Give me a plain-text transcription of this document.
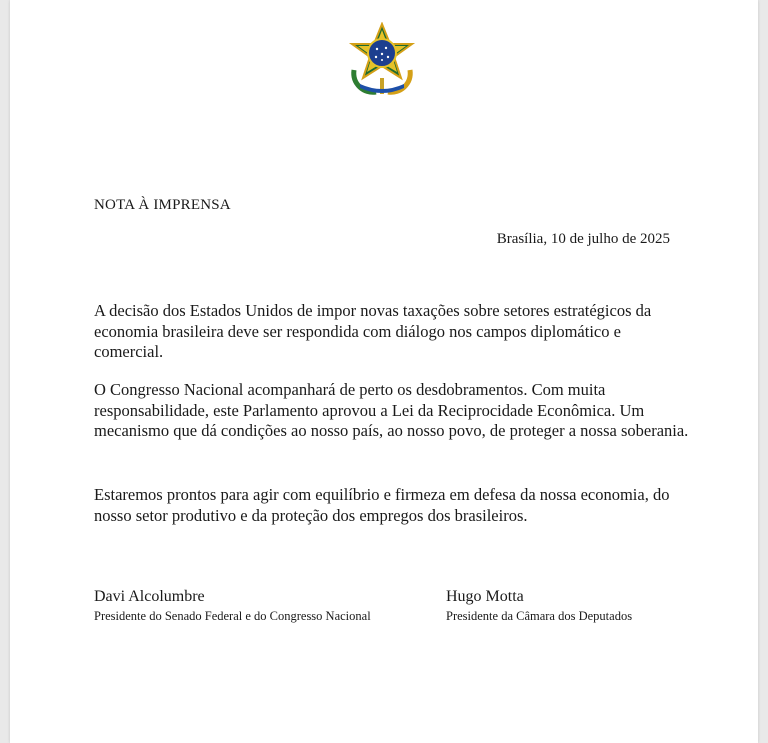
NOTA À IMPRENSA
Brasília, 10 de julho de 2025

A decisão dos Estados Unidos de impor novas taxações sobre setores estratégicos da economia brasileira deve ser respondida com diálogo nos campos diplomático e comercial.

O Congresso Nacional acompanhará de perto os desdobramentos. Com muita responsabilidade, este Parlamento aprovou a Lei da Reciprocidade Econômica. Um mecanismo que dá condições ao nosso país, ao nosso povo, de proteger a nossa soberania.

Estaremos prontos para agir com equilíbrio e firmeza em defesa da nossa economia, do nosso setor produtivo e da proteção dos empregos dos brasileiros.

Davi Alcolumbre
Presidente do Senado Federal e do Congresso Nacional
Hugo Motta
Presidente da Câmara dos Deputados
